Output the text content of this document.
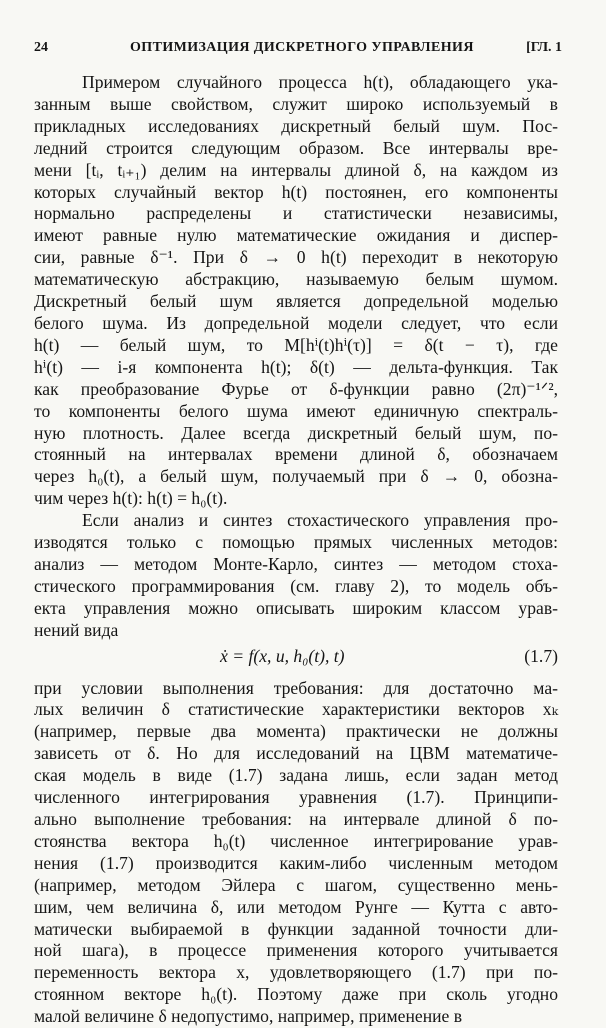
24	ОПТИМИЗАЦИЯ ДИСКРЕТНОГО УПРАВЛЕНИЯ	[ГЛ. 1
Примером случайного процесса h(t), обладающего ука-
занным выше свойством, служит широко используемый в
прикладных исследованиях дискретный белый шум. Пос-
ледний строится следующим образом. Все интервалы вре-
мени [tᵢ, tᵢ₊₁) делим на интервалы длиной δ, на каждом из
которых случайный вектор h(t) постоянен, его компоненты
нормально распределены и статистически независимы,
имеют равные нулю математические ожидания и диспер-
сии, равные δ⁻¹. При δ → 0 h(t) переходит в некоторую
математическую абстракцию, называемую белым шумом.
Дискретный белый шум является допредельной моделью
белого шума. Из допредельной модели следует, что если
h(t) — белый шум, то M[hⁱ(t)hⁱ(τ)] = δ(t − τ), где
hⁱ(t) — i-я компонента h(t); δ(t) — дельта-функция. Так
как преобразование Фурье от δ-функции равно (2π)⁻¹ᐟ²,
то компоненты белого шума имеют единичную спектраль-
ную плотность. Далее всегда дискретный белый шум, по-
стоянный на интервалах времени длиной δ, обозначаем
через h₀(t), а белый шум, получаемый при δ → 0, обозна-
чим через h(t): h(t) = h₀(t).
Если анализ и синтез стохастического управления про-
изводятся только с помощью прямых численных методов:
анализ — методом Монте-Карло, синтез — методом стоха-
стического программирования (см. главу 2), то модель объ-
екта управления можно описывать широким классом урав-
нений вида
ẋ = f(x, u, h₀(t), t)	(1.7)
при условии выполнения требования: для достаточно ма-
лых величин δ статистические характеристики векторов xₖ
(например, первые два момента) практически не должны
зависеть от δ. Но для исследований на ЦВМ математиче-
ская модель в виде (1.7) задана лишь, если задан метод
численного интегрирования уравнения (1.7). Принципи-
ально выполнение требования: на интервале длиной δ по-
стоянства вектора h₀(t) численное интегрирование урав-
нения (1.7) производится каким-либо численным методом
(например, методом Эйлера с шагом, существенно мень-
шим, чем величина δ, или методом Рунге — Кутта с авто-
матически выбираемой в функции заданной точности дли-
ной шага), в процессе применения которого учитывается
переменность вектора x, удовлетворяющего (1.7) при по-
стоянном векторе h₀(t). Поэтому даже при сколь угодно
малой величине δ недопустимо, например, применение в
